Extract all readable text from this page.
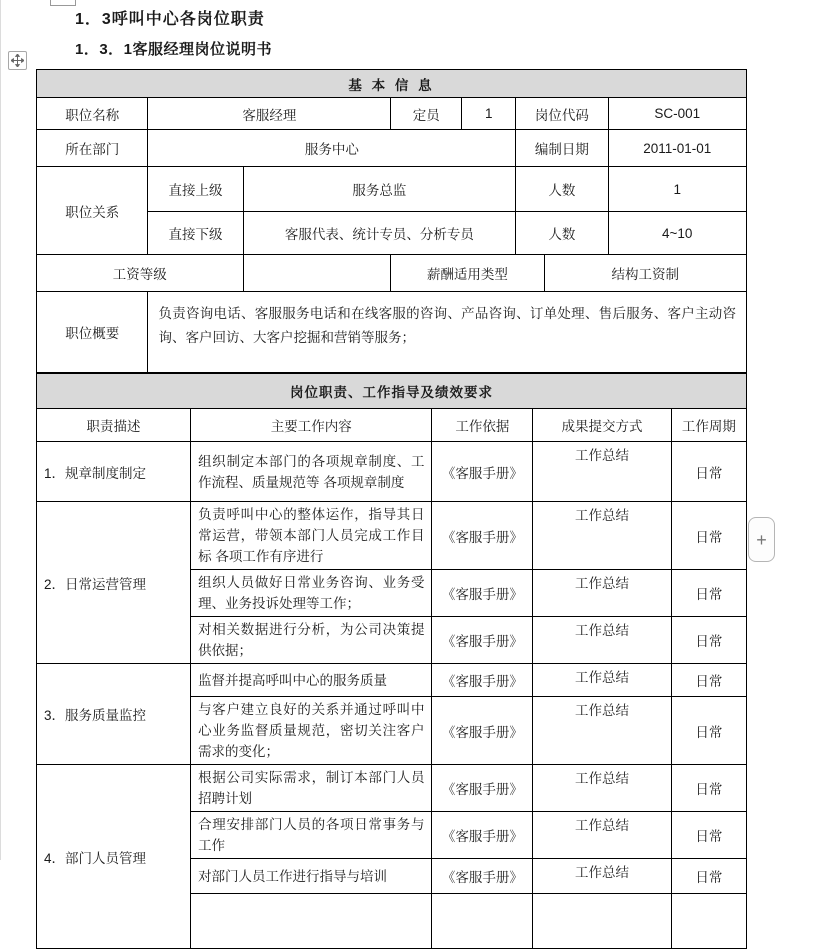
1．3呼叫中心各岗位职责
1．3．1客服经理岗位说明书
+
基 本 信 息							
职位名称	客服经理		定员	1	岗位代码		SC-001
所在部门	服务中心				编制日期		2011-01-01
职位关系	直接上级	服务总监			人数		1
	直接下级	客服代表、统计专员、分析专员			人数		4~10
工资等级			薪酬适用类型			结构工资制	
职位概要	负责咨询电话、客服服务电话和在线客服的咨询、产品咨询、订单处理、售后服务、客户主动咨询、客户回访、大客户挖掘和营销等服务；						
岗位职责、工作指导及绩效要求				
职责描述	主要工作内容	工作依据	成果提交方式	工作周期
1．规章制度制定	组织制定本部门的各项规章制度、工作流程、质量规范等 各项规章制度	《客服手册》	工作总结	日常
2．日常运营管理	负责呼叫中心的整体运作，指导其日常运营，带领本部门人员完成工作目标 各项工作有序进行	《客服手册》	工作总结	日常
	组织人员做好日常业务咨询、业务受理、业务投诉处理等工作；	《客服手册》	工作总结	日常
	对相关数据进行分析，为公司决策提供依据；	《客服手册》	工作总结	日常
3．服务质量监控	监督并提高呼叫中心的服务质量	《客服手册》	工作总结	日常
	与客户建立良好的关系并通过呼叫中心业务监督质量规范，密切关注客户需求的变化；	《客服手册》	工作总结	日常
4．部门人员管理	根据公司实际需求，制订本部门人员招聘计划	《客服手册》	工作总结	日常
	合理安排部门人员的各项日常事务与工作	《客服手册》	工作总结	日常
	对部门人员工作进行指导与培训	《客服手册》	工作总结	日常
